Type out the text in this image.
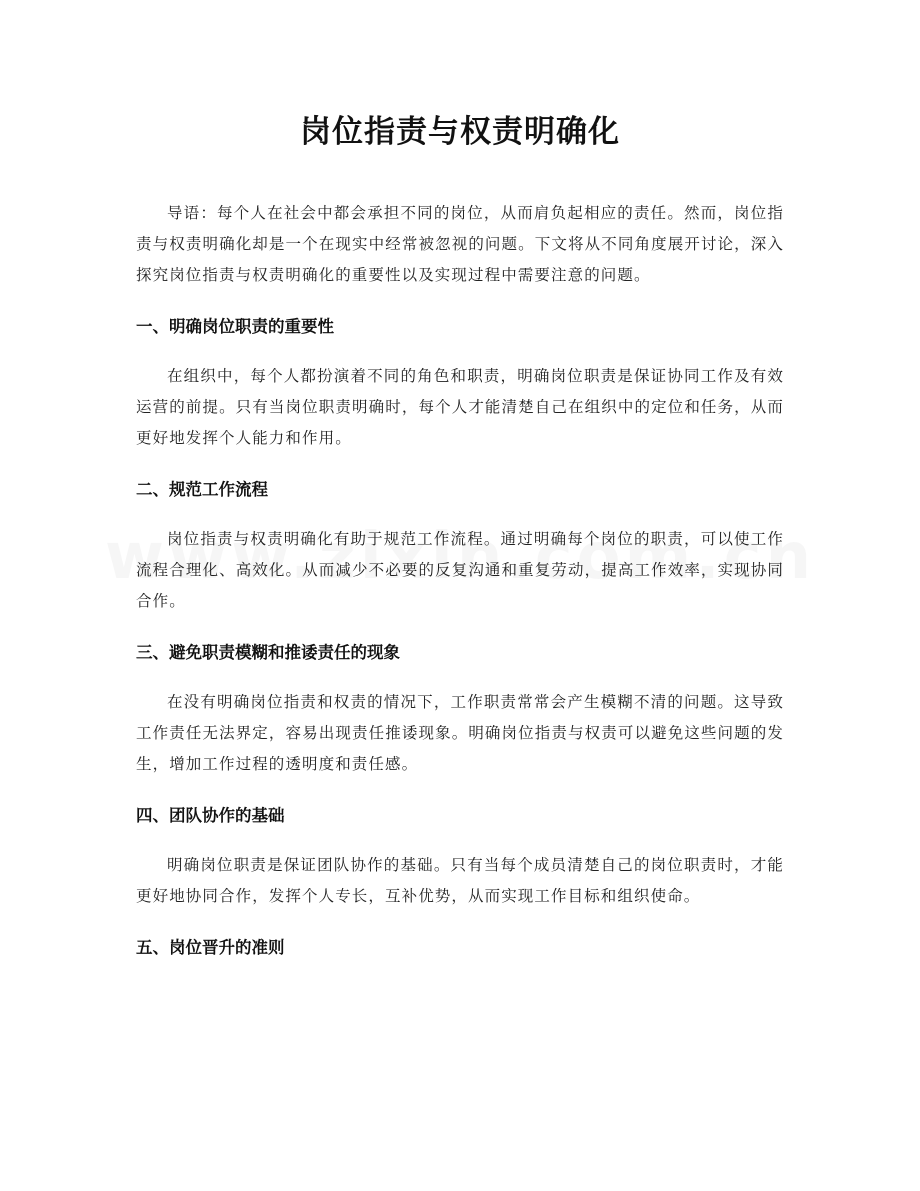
岗位指责与权责明确化

导语：每个人在社会中都会承担不同的岗位，从而肩负起相应的责任。然而，岗位指责与权责明确化却是一个在现实中经常被忽视的问题。下文将从不同角度展开讨论，深入探究岗位指责与权责明确化的重要性以及实现过程中需要注意的问题。

一、明确岗位职责的重要性

在组织中，每个人都扮演着不同的角色和职责，明确岗位职责是保证协同工作及有效运营的前提。只有当岗位职责明确时，每个人才能清楚自己在组织中的定位和任务，从而更好地发挥个人能力和作用。

二、规范工作流程

岗位指责与权责明确化有助于规范工作流程。通过明确每个岗位的职责，可以使工作流程合理化、高效化。从而减少不必要的反复沟通和重复劳动，提高工作效率，实现协同合作。

三、避免职责模糊和推诿责任的现象

在没有明确岗位指责和权责的情况下，工作职责常常会产生模糊不清的问题。这导致工作责任无法界定，容易出现责任推诿现象。明确岗位指责与权责可以避免这些问题的发生，增加工作过程的透明度和责任感。

四、团队协作的基础

明确岗位职责是保证团队协作的基础。只有当每个成员清楚自己的岗位职责时，才能更好地协同合作，发挥个人专长，互补优势，从而实现工作目标和组织使命。

五、岗位晋升的准则
